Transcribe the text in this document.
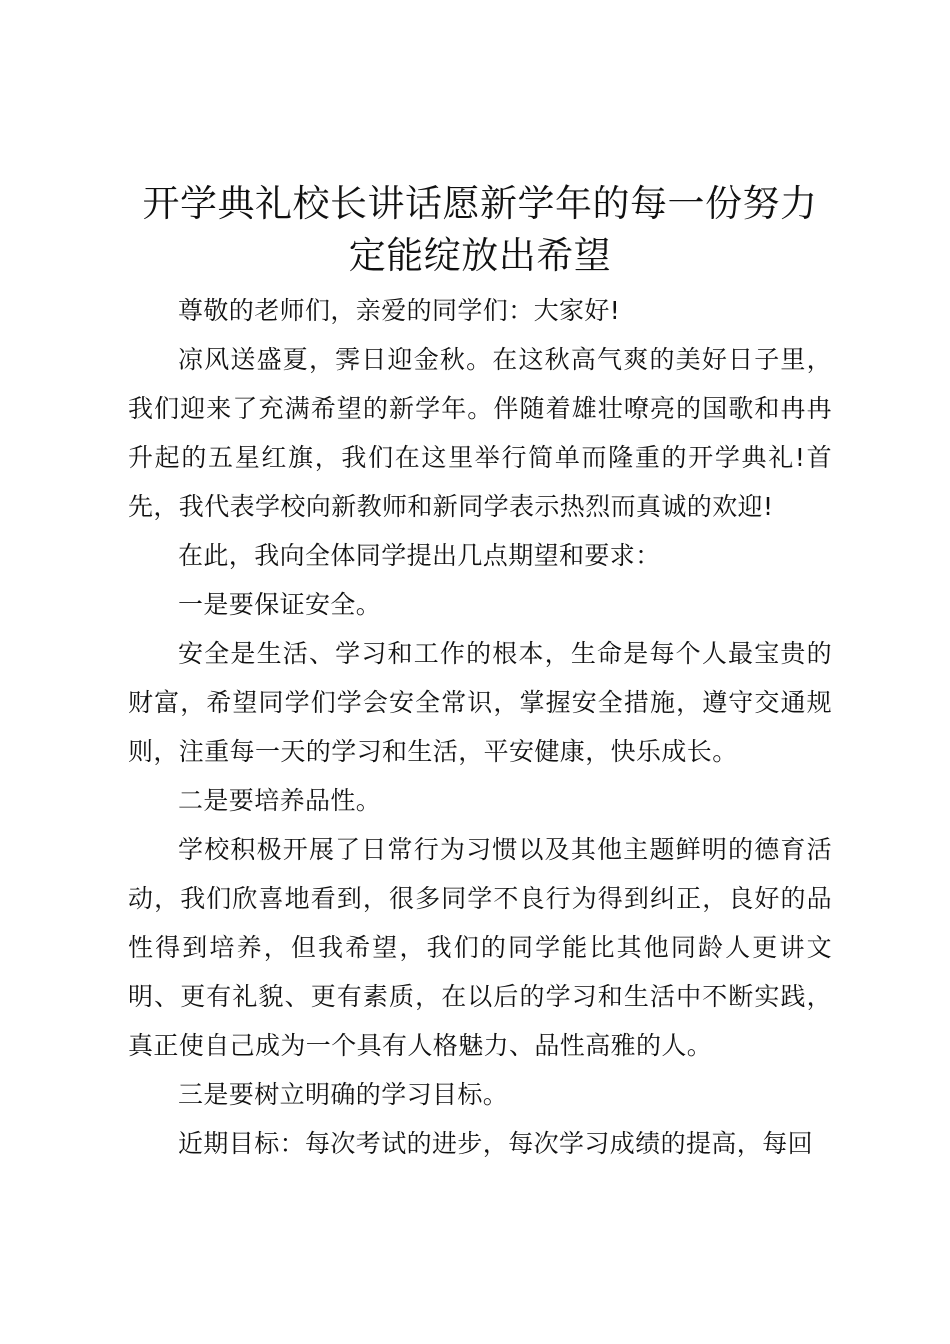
开学典礼校长讲话愿新学年的每一份努力定能绽放出希望

尊敬的老师们，亲爱的同学们：大家好!

凉风送盛夏，霁日迎金秋。在这秋高气爽的美好日子里，我们迎来了充满希望的新学年。伴随着雄壮嘹亮的国歌和冉冉升起的五星红旗，我们在这里举行简单而隆重的开学典礼!首先，我代表学校向新教师和新同学表示热烈而真诚的欢迎!

在此，我向全体同学提出几点期望和要求：

一是要保证安全。

安全是生活、学习和工作的根本，生命是每个人最宝贵的财富，希望同学们学会安全常识，掌握安全措施，遵守交通规则，注重每一天的学习和生活，平安健康，快乐成长。

二是要培养品性。

学校积极开展了日常行为习惯以及其他主题鲜明的德育活动，我们欣喜地看到，很多同学不良行为得到纠正，良好的品性得到培养，但我希望，我们的同学能比其他同龄人更讲文明、更有礼貌、更有素质，在以后的学习和生活中不断实践，真正使自己成为一个具有人格魅力、品性高雅的人。

三是要树立明确的学习目标。

近期目标：每次考试的进步，每次学习成绩的提高，每回
